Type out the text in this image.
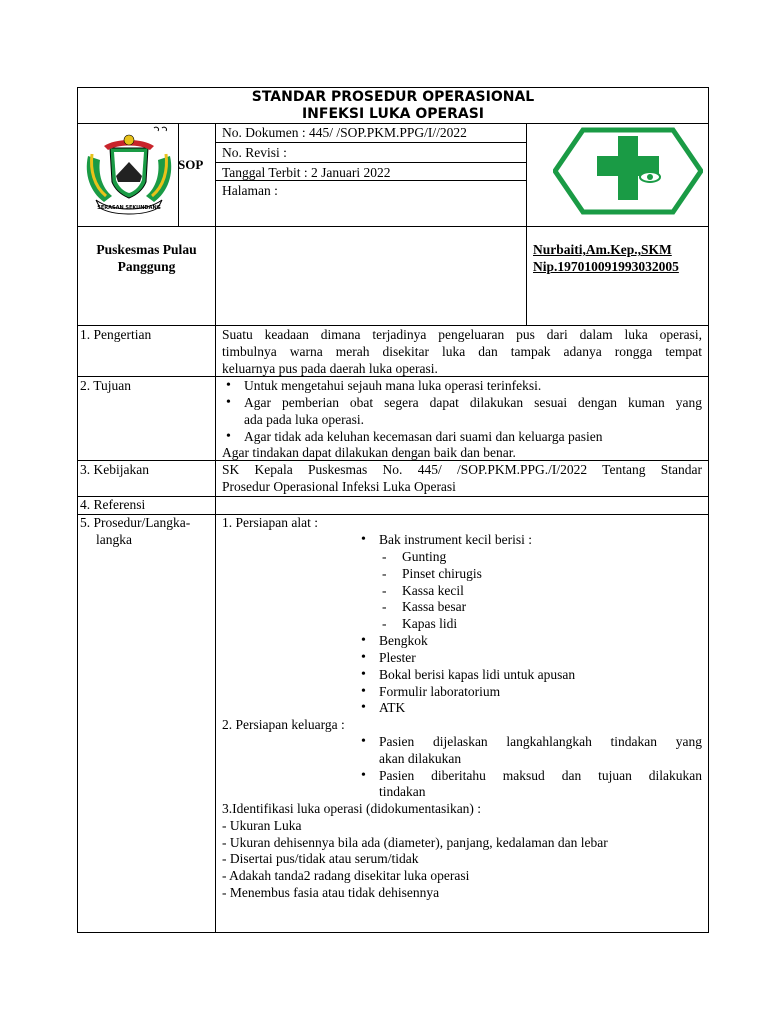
STANDAR PROSEDUR OPERASIONAL
INFEKSI LUKA OPERASI
SERASAN SEKUNDANG
SOP
No. Dokumen : 445/ /SOP.PKM.PPG/I//2022
No. Revisi :
Tanggal Terbit : 2 Januari 2022
Halaman :
Puskesmas Pulau
Panggung
Nurbaiti,Am.Kep.,SKM
Nip.197010091993032005
1. Pengertian	Suatu keadaan dimana terjadinya pengeluaran pus dari dalam luka operasi,
timbulnya warna merah disekitar luka dan tampak adanya rongga tempat
keluarnya pus pada daerah luka operasi.
2. Tujuan
•	Untuk mengetahui sejauh mana luka operasi terinfeksi.
• Agar pemberian obat segera dapat dilakukan sesuai dengan kuman yang
ada pada luka operasi.
• Agar tidak ada keluhan kecemasan dari suami dan keluarga pasien
Agar tindakan dapat dilakukan dengan baik dan benar.
3. Kebijakan	SK Kepala Puskesmas No. 445/ /SOP.PKM.PPG./I/2022 Tentang Standar
Prosedur Operasional Infeksi Luka Operasi
4. Referensi
5. Prosedur/Langka-
langka
1. Persiapan alat :
• Bak instrument kecil berisi :
- Gunting
- Pinset chirugis
- Kassa kecil
- Kassa besar
- Kapas lidi
• Bengkok
• Plester
• Bokal berisi kapas lidi untuk apusan
• Formulir laboratorium
• ATK
2. Persiapan keluarga :
• Pasien dijelaskan langkahlangkah tindakan yang
akan dilakukan
• Pasien diberitahu maksud dan tujuan dilakukan
tindakan
3.Identifikasi luka operasi (didokumentasikan) :
- Ukuran Luka
- Ukuran dehisennya bila ada (diameter), panjang, kedalaman dan lebar
- Disertai pus/tidak atau serum/tidak
- Adakah tanda2 radang disekitar luka operasi
- Menembus fasia atau tidak dehisennya
